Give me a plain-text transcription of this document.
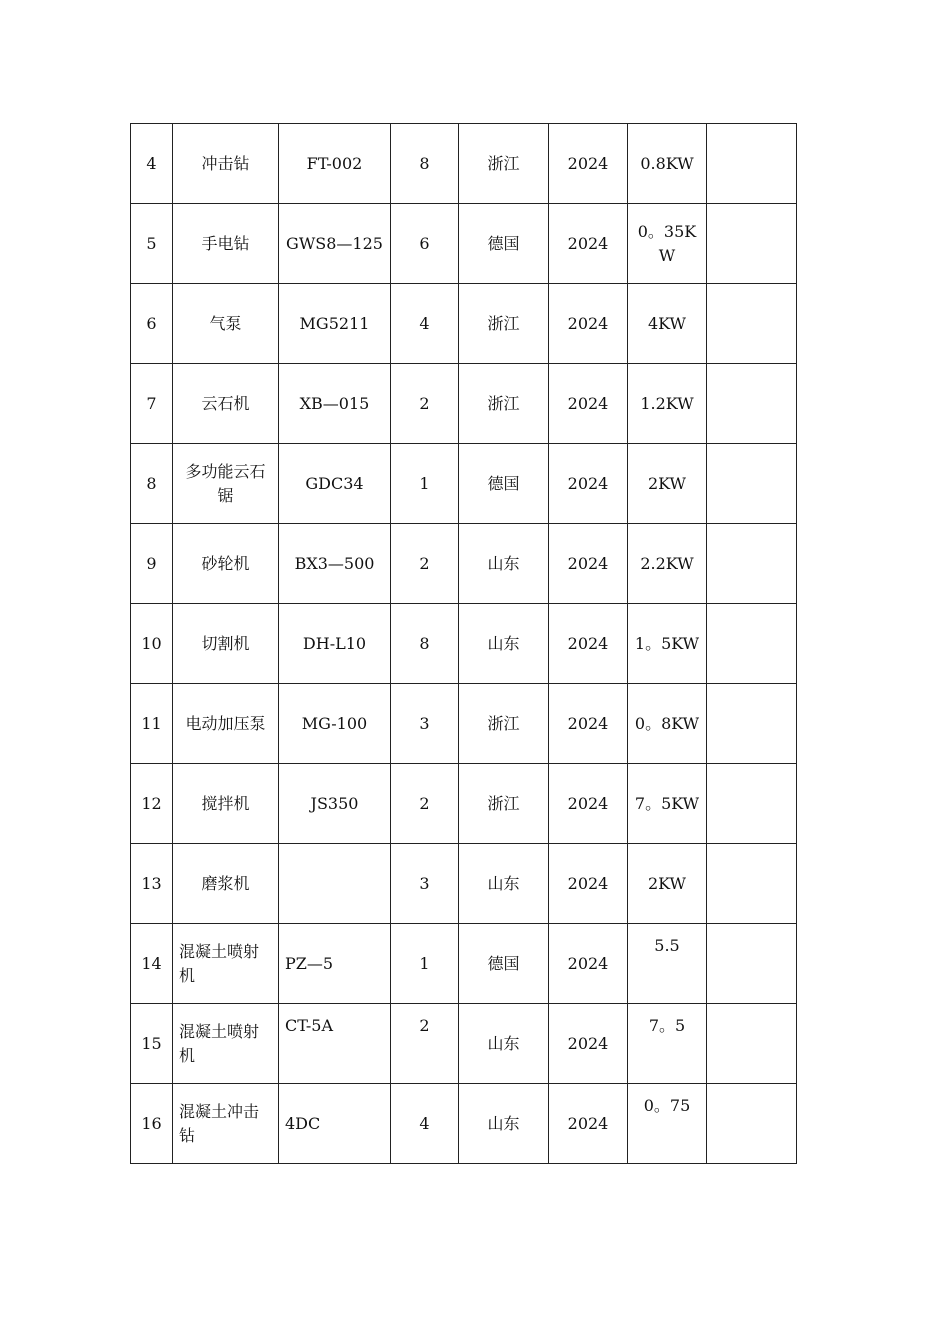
4	冲击钻	FT-002	8	浙江	2024	0.8KW	
5	手电钻	GWS8—125	6	德国	2024	0。35KW	
6	气泵	MG5211	4	浙江	2024	4KW	
7	云石机	XB—015	2	浙江	2024	1.2KW	
8	多功能云石锯	GDC34	1	德国	2024	2KW	
9	砂轮机	BX3—500	2	山东	2024	2.2KW	
10	切割机	DH-L10	8	山东	2024	1。5KW	
11	电动加压泵	MG-100	3	浙江	2024	0。8KW	
12	搅拌机	JS350	2	浙江	2024	7。5KW	
13	磨浆机		3	山东	2024	2KW	
14	混凝土喷射机	PZ—5	1	德国	2024	5.5	
15	混凝土喷射机	CT-5A	2	山东	2024	7。5	
16	混凝土冲击钻	4DC	4	山东	2024	0。75	
